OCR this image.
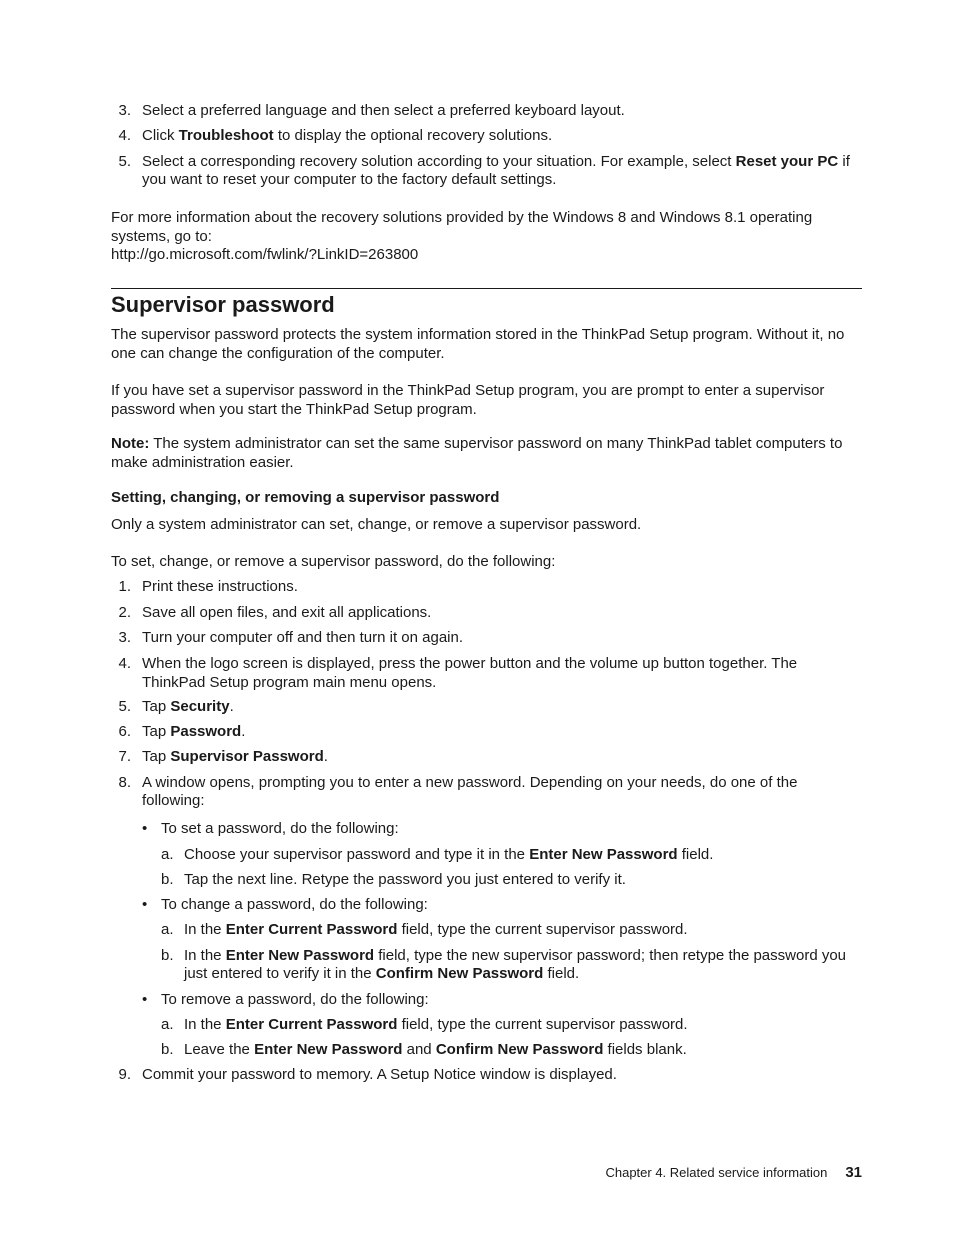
3. Select a preferred language and then select a preferred keyboard layout.
4. Click Troubleshoot to display the optional recovery solutions.
5. Select a corresponding recovery solution according to your situation. For example, select Reset your PC if you want to reset your computer to the factory default settings.

For more information about the recovery solutions provided by the Windows 8 and Windows 8.1 operating systems, go to:
http://go.microsoft.com/fwlink/?LinkID=263800

Supervisor password

The supervisor password protects the system information stored in the ThinkPad Setup program. Without it, no one can change the configuration of the computer.

If you have set a supervisor password in the ThinkPad Setup program, you are prompt to enter a supervisor password when you start the ThinkPad Setup program.

Note: The system administrator can set the same supervisor password on many ThinkPad tablet computers to make administration easier.

Setting, changing, or removing a supervisor password

Only a system administrator can set, change, or remove a supervisor password.

To set, change, or remove a supervisor password, do the following:

1. Print these instructions.
2. Save all open files, and exit all applications.
3. Turn your computer off and then turn it on again.
4. When the logo screen is displayed, press the power button and the volume up button together. The ThinkPad Setup program main menu opens.
5. Tap Security.
6. Tap Password.
7. Tap Supervisor Password.
8. A window opens, prompting you to enter a new password. Depending on your needs, do one of the following:
• To set a password, do the following:
a. Choose your supervisor password and type it in the Enter New Password field.
b. Tap the next line. Retype the password you just entered to verify it.
• To change a password, do the following:
a. In the Enter Current Password field, type the current supervisor password.
b. In the Enter New Password field, type the new supervisor password; then retype the password you just entered to verify it in the Confirm New Password field.
• To remove a password, do the following:
a. In the Enter Current Password field, type the current supervisor password.
b. Leave the Enter New Password and Confirm New Password fields blank.
9. Commit your password to memory. A Setup Notice window is displayed.
Chapter 4. Related service information 31
